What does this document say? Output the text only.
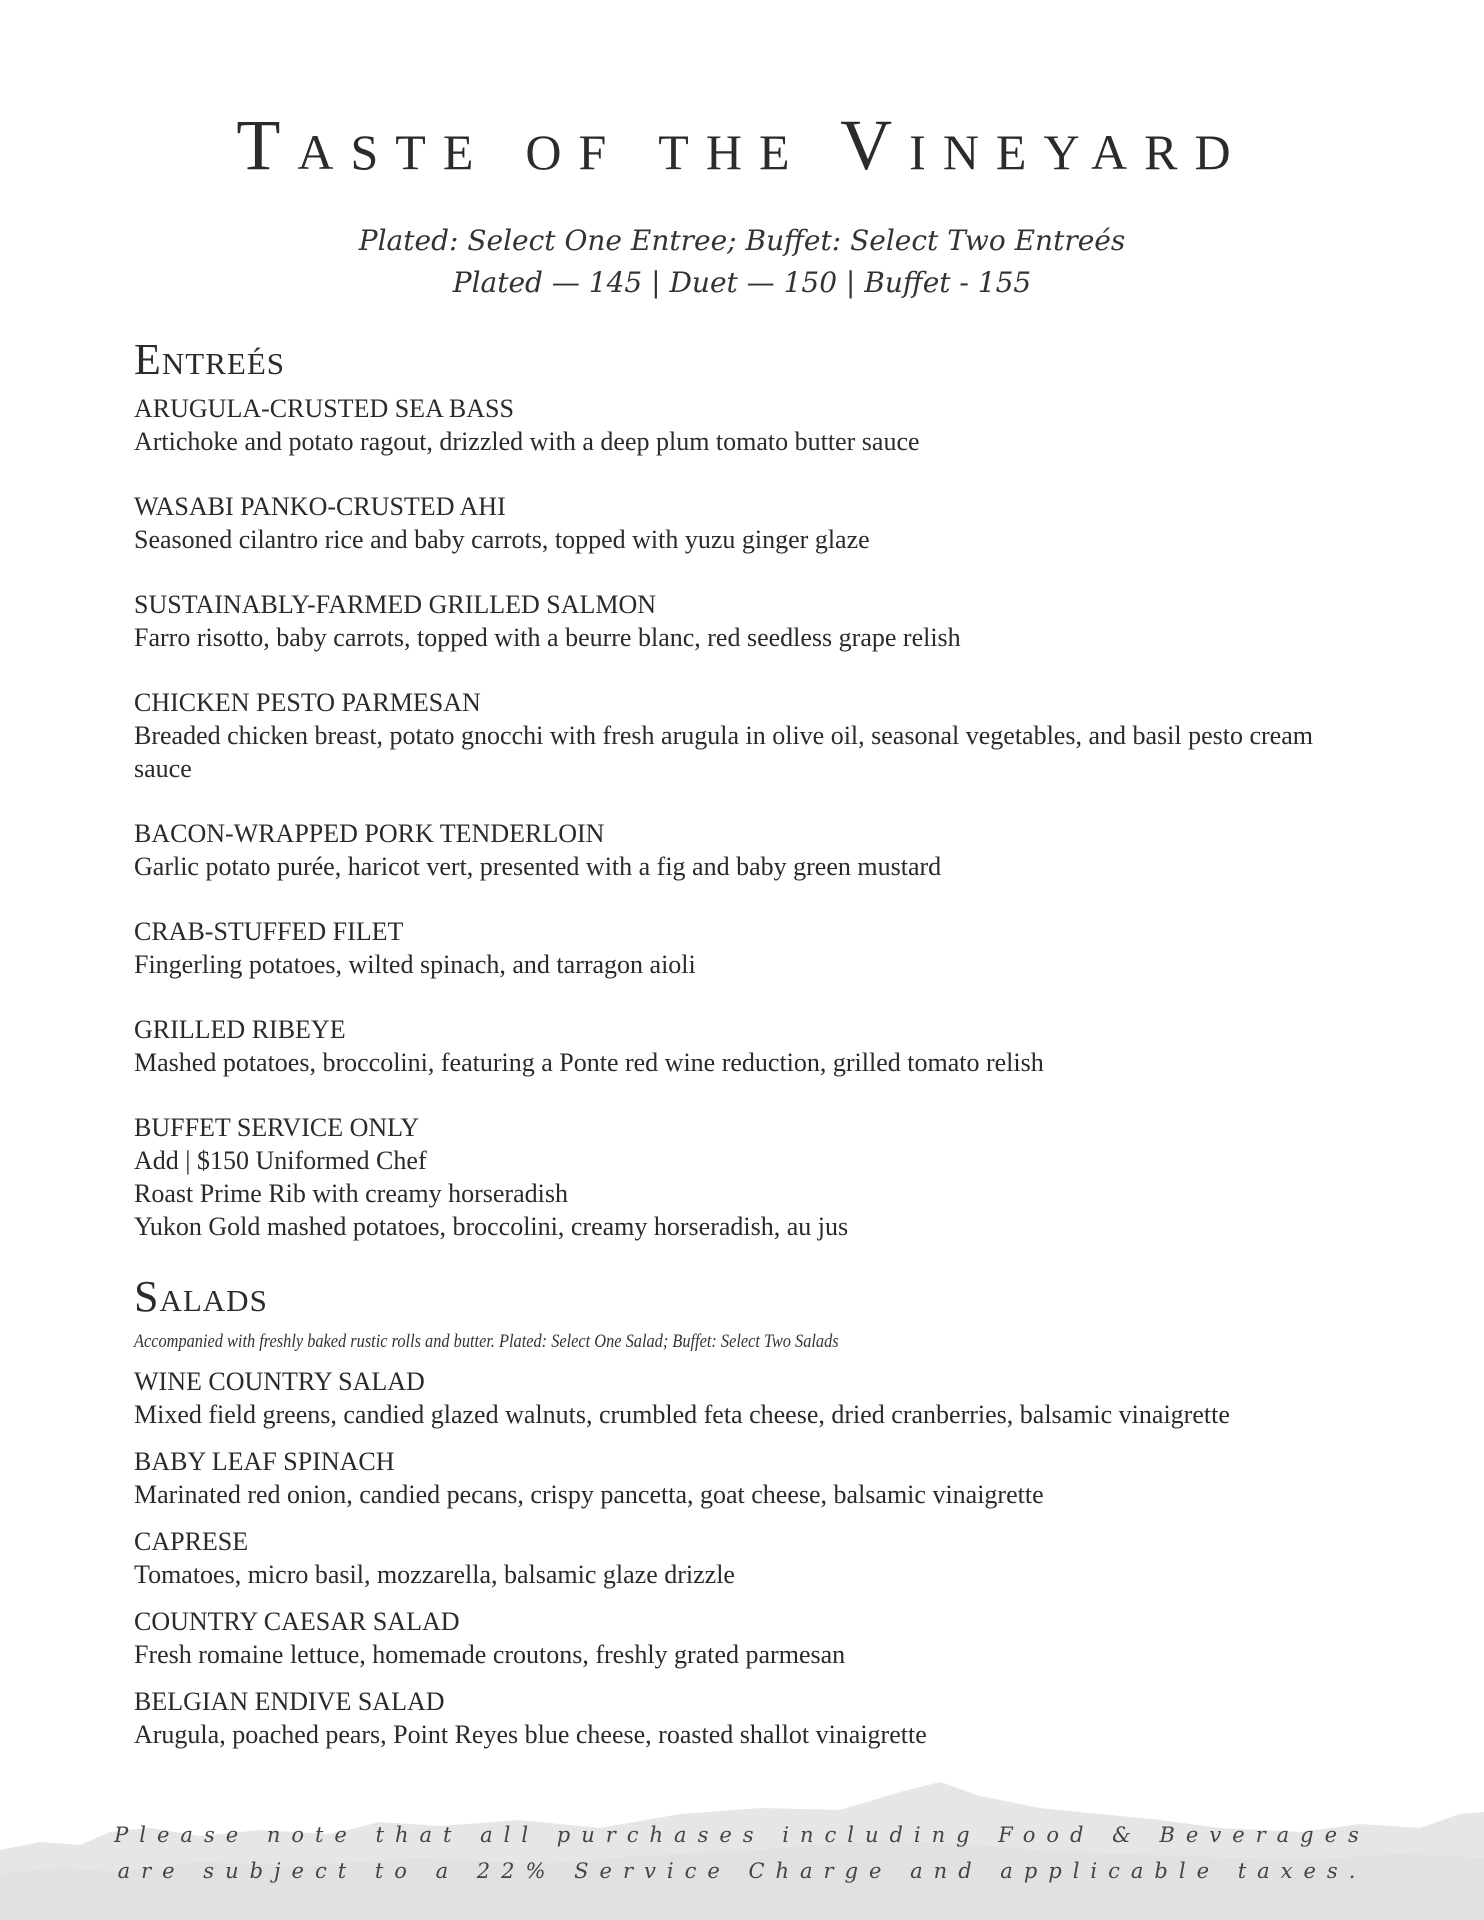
Taste of the Vineyard
Plated: Select One Entree; Buffet: Select Two Entreés
Plated — 145 | Duet — 150 | Buffet - 155
Entreés
ARUGULA-CRUSTED SEA BASS
Artichoke and potato ragout, drizzled with a deep plum tomato butter sauce
WASABI PANKO-CRUSTED AHI
Seasoned cilantro rice and baby carrots, topped with yuzu ginger glaze
SUSTAINABLY-FARMED GRILLED SALMON
Farro risotto, baby carrots, topped with a beurre blanc, red seedless grape relish
CHICKEN PESTO PARMESAN
Breaded chicken breast, potato gnocchi with fresh arugula in olive oil, seasonal vegetables, and basil pesto cream sauce
BACON-WRAPPED PORK TENDERLOIN
Garlic potato purée, haricot vert, presented with a fig and baby green mustard
CRAB-STUFFED FILET
Fingerling potatoes, wilted spinach, and tarragon aioli
GRILLED RIBEYE
Mashed potatoes, broccolini, featuring a Ponte red wine reduction, grilled tomato relish
BUFFET SERVICE ONLY
Add | $150 Uniformed Chef
Roast Prime Rib with creamy horseradish
Yukon Gold mashed potatoes, broccolini, creamy horseradish, au jus
Salads
Accompanied with freshly baked rustic rolls and butter. Plated: Select One Salad; Buffet: Select Two Salads
WINE COUNTRY SALAD
Mixed field greens, candied glazed walnuts, crumbled feta cheese, dried cranberries, balsamic vinaigrette
BABY LEAF SPINACH
Marinated red onion, candied pecans, crispy pancetta, goat cheese, balsamic vinaigrette
CAPRESE
Tomatoes, micro basil, mozzarella, balsamic glaze drizzle
COUNTRY CAESAR SALAD
Fresh romaine lettuce, homemade croutons, freshly grated parmesan
BELGIAN ENDIVE SALAD
Arugula, poached pears, Point Reyes blue cheese, roasted shallot vinaigrette
Please note that all purchases including Food & Beverages
are subject to a 22% Service Charge and applicable taxes.
